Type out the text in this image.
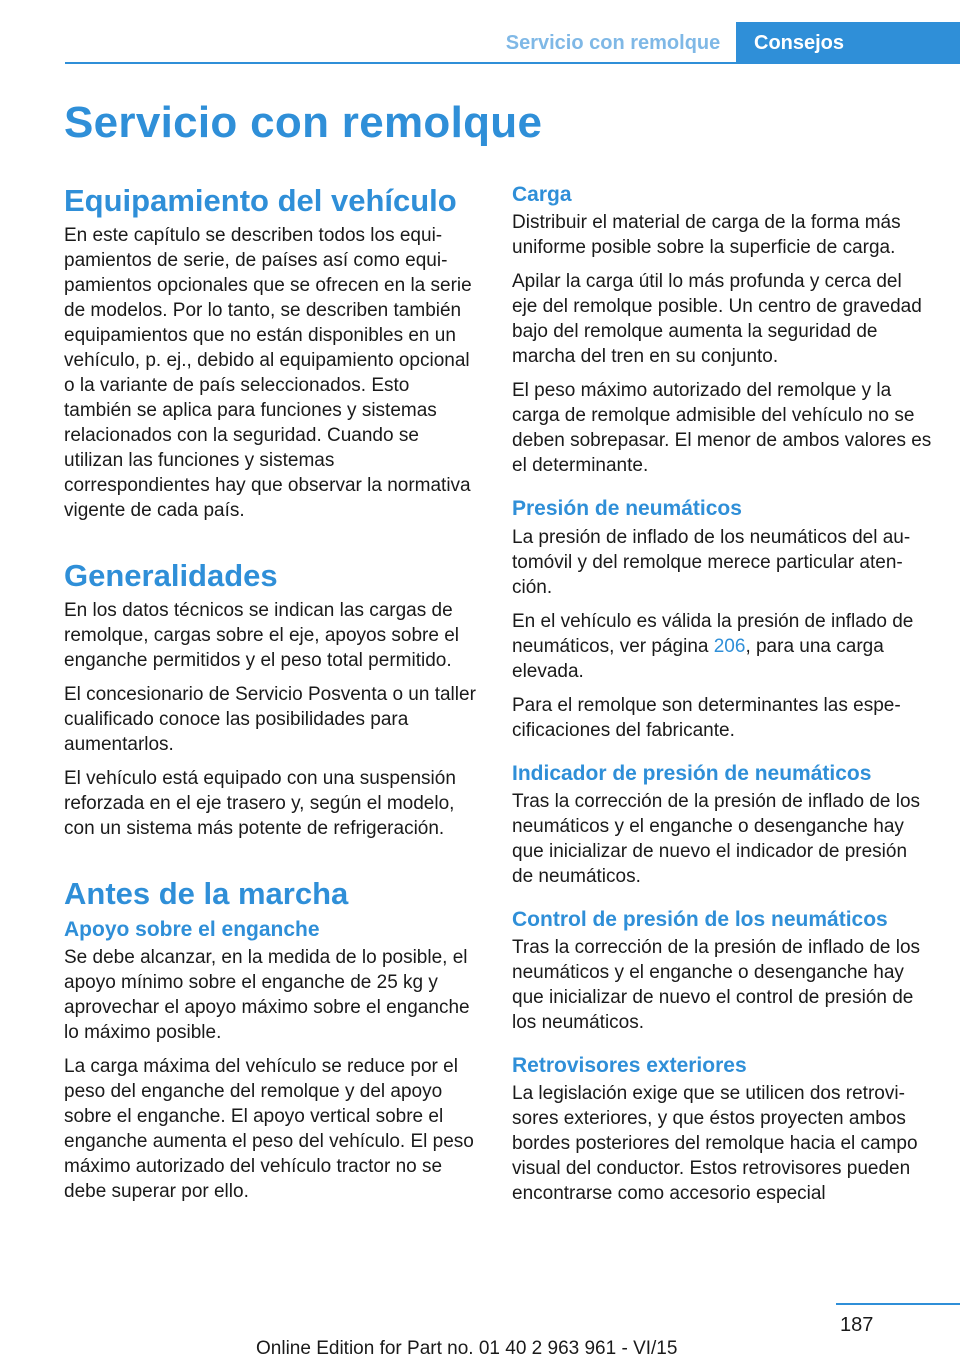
Servicio con remolque	Consejos
Servicio con remolque
Equipamiento del vehículo

En este capítulo se describen todos los equipamientos de serie, de países así como equipamientos opcionales que se ofrecen en la serie de modelos. Por lo tanto, se describen también equipamientos que no están disponibles en un vehículo, p. ej., debido al equipamiento opcional o la variante de país seleccionados. Esto también se aplica para funciones y sistemas relacionados con la seguridad. Cuando se utilizan las funciones y sistemas correspondientes hay que observar la normativa vigente de cada país.

Generalidades

En los datos técnicos se indican las cargas de remolque, cargas sobre el eje, apoyos sobre el enganche permitidos y el peso total permitido.

El concesionario de Servicio Posventa o un taller cualificado conoce las posibilidades para aumentarlos.

El vehículo está equipado con una suspensión reforzada en el eje trasero y, según el modelo, con un sistema más potente de refrigeración.

Antes de la marcha
Apoyo sobre el enganche

Se debe alcanzar, en la medida de lo posible, el apoyo mínimo sobre el enganche de 25 kg y aprovechar el apoyo máximo sobre el enganche lo máximo posible.

La carga máxima del vehículo se reduce por el peso del enganche del remolque y del apoyo sobre el enganche. El apoyo vertical sobre el enganche aumenta el peso del vehículo. El peso máximo autorizado del vehículo tractor no se debe superar por ello.

Carga

Distribuir el material de carga de la forma más uniforme posible sobre la superficie de carga.

Apilar la carga útil lo más profunda y cerca del eje del remolque posible. Un centro de gravedad bajo del remolque aumenta la seguridad de marcha del tren en su conjunto.

El peso máximo autorizado del remolque y la carga de remolque admisible del vehículo no se deben sobrepasar. El menor de ambos valores es el determinante.

Presión de neumáticos

La presión de inflado de los neumáticos del automóvil y del remolque merece particular atención.

En el vehículo es válida la presión de inflado de neumáticos, ver página 206, para una carga elevada.

Para el remolque son determinantes las especificaciones del fabricante.

Indicador de presión de neumáticos

Tras la corrección de la presión de inflado de los neumáticos y el enganche o desenganche hay que inicializar de nuevo el indicador de presión de neumáticos.

Control de presión de los neumáticos

Tras la corrección de la presión de inflado de los neumáticos y el enganche o desenganche hay que inicializar de nuevo el control de presión de los neumáticos.

Retrovisores exteriores

La legislación exige que se utilicen dos retrovisores exteriores, y que éstos proyecten ambos bordes posteriores del remolque hacia el campo visual del conductor. Estos retrovisores pueden encontrarse como accesorio especial

187
Online Edition for Part no. 01 40 2 963 961 - VI/15
